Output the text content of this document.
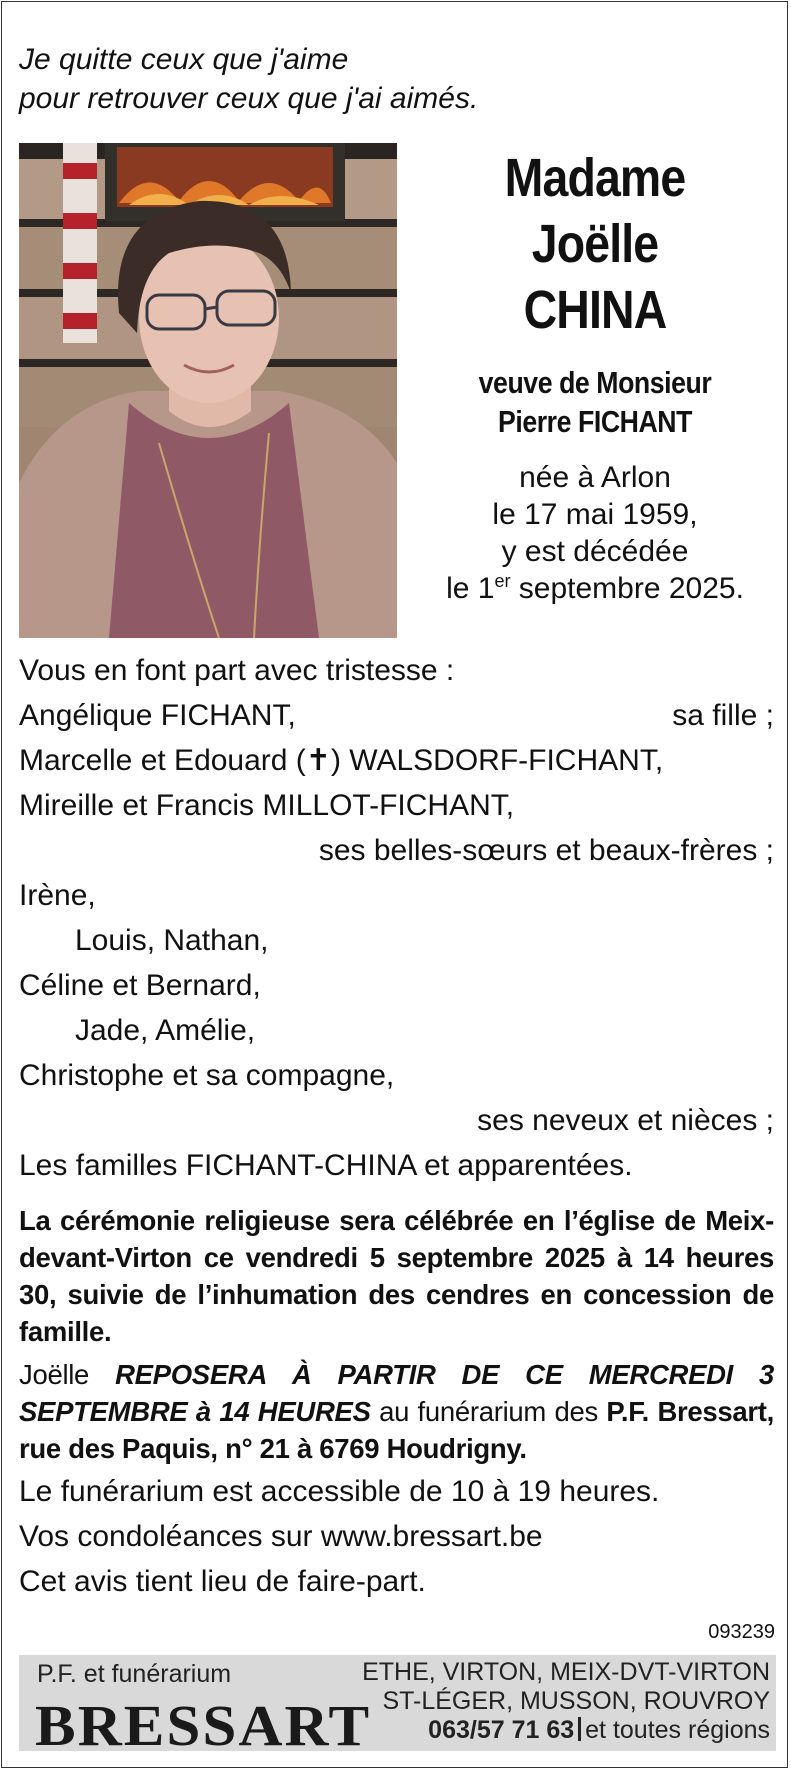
Je quitte ceux que j'aime
pour retrouver ceux que j'ai aimés.
Madame
Joëlle
CHINA
veuve de Monsieur
Pierre FICHANT
née à Arlon
le 17 mai 1959,
y est décédée
le 1er septembre 2025.
Vous en font part avec tristesse :
Angélique FICHANT,	sa fille ;
Marcelle et Edouard (✝) WALSDORF-FICHANT,
Mireille et Francis MILLOT-FICHANT,
ses belles-sœurs et beaux-frères ;
Irène,
Louis, Nathan,
Céline et Bernard,
Jade, Amélie,
Christophe et sa compagne,
ses neveux et nièces ;
Les familles FICHANT-CHINA et apparentées.
La cérémonie religieuse sera célébrée en l’église de Meix-devant-Virton ce vendredi 5 septembre 2025 à 14 heures 30, suivie de l’inhumation des cendres en concession de famille.
Joëlle REPOSERA À PARTIR DE CE MERCREDI 3 SEPTEMBRE à 14 HEURES au funérarium des P.F. Bressart, rue des Paquis, n° 21 à 6769 Houdrigny.
Le funérarium est accessible de 10 à 19 heures.
Vos condoléances sur www.bressart.be
Cet avis tient lieu de faire-part.
093239
P.F. et funérarium
BRESSART
ETHE, VIRTON, MEIX-DVT-VIRTON
ST-LÉGER, MUSSON, ROUVROY
063/57 71 63 et toutes régions
